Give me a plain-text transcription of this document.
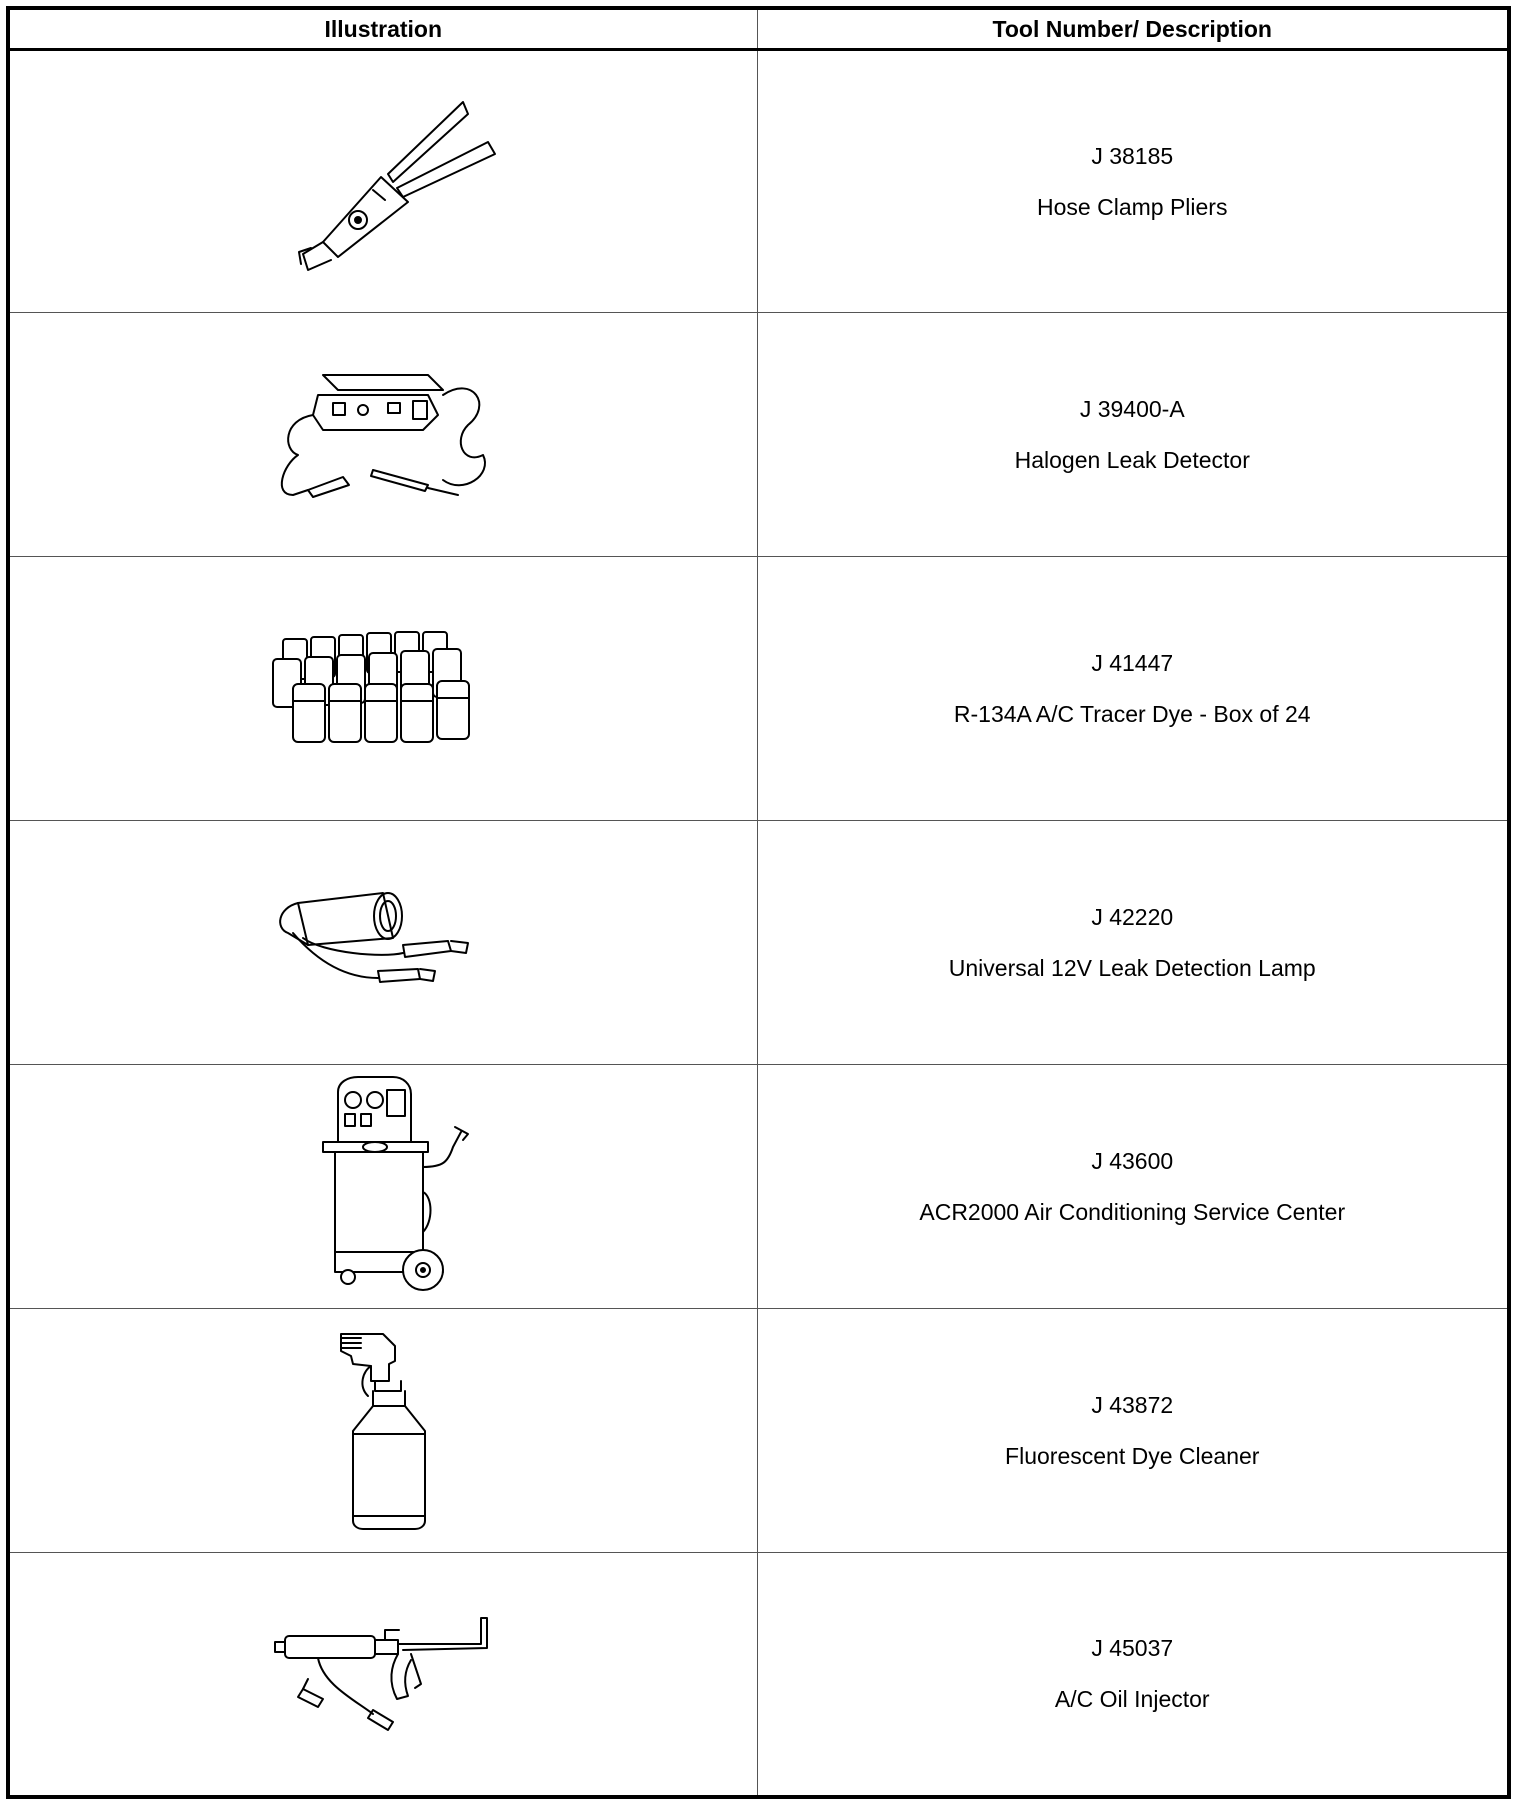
Illustration	Tool Number/ Description

J 38185
Hose Clamp Pliers

J 39400-A
Halogen Leak Detector

J 41447
R-134A A/C Tracer Dye - Box of 24

J 42220
Universal 12V Leak Detection Lamp

J 43600
ACR2000 Air Conditioning Service Center

J 43872
Fluorescent Dye Cleaner

J 45037
A/C Oil Injector
